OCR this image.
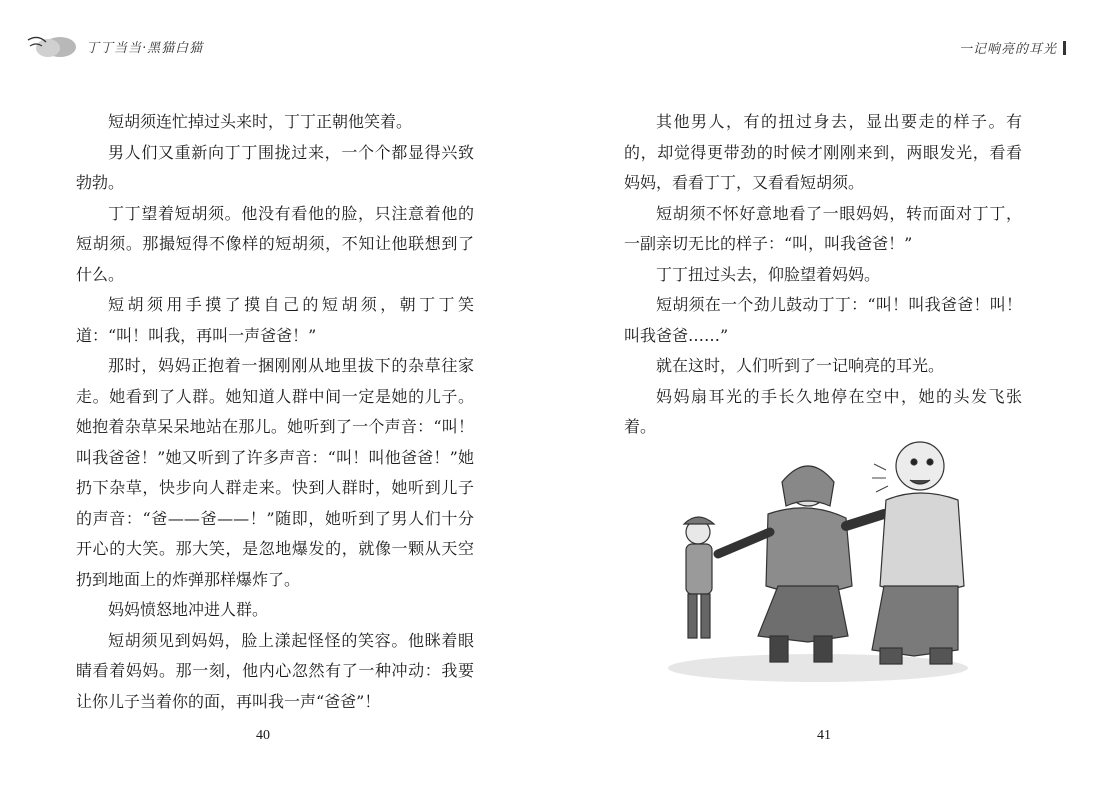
丁丁当当·黑猫白猫

短胡须连忙掉过头来时，丁丁正朝他笑着。

男人们又重新向丁丁围拢过来，一个个都显得兴致勃勃。

丁丁望着短胡须。他没有看他的脸，只注意着他的短胡须。那撮短得不像样的短胡须，不知让他联想到了什么。

短胡须用手摸了摸自己的短胡须，朝丁丁笑道：“叫！叫我，再叫一声爸爸！”

那时，妈妈正抱着一捆刚刚从地里拔下的杂草往家走。她看到了人群。她知道人群中间一定是她的儿子。她抱着杂草呆呆地站在那儿。她听到了一个声音：“叫！叫我爸爸！”她又听到了许多声音：“叫！叫他爸爸！”她扔下杂草，快步向人群走来。快到人群时，她听到儿子的声音：“爸——爸——！”随即，她听到了男人们十分开心的大笑。那大笑，是忽地爆发的，就像一颗从天空扔到地面上的炸弹那样爆炸了。

妈妈愤怒地冲进人群。

短胡须见到妈妈，脸上漾起怪怪的笑容。他眯着眼睛看着妈妈。那一刻，他内心忽然有了一种冲动：我要让你儿子当着你的面，再叫我一声“爸爸”！

40
一记响亮的耳光

其他男人，有的扭过身去，显出要走的样子。有的，却觉得更带劲的时候才刚刚来到，两眼发光，看看妈妈，看看丁丁，又看看短胡须。

短胡须不怀好意地看了一眼妈妈，转而面对丁丁，一副亲切无比的样子：“叫，叫我爸爸！”

丁丁扭过头去，仰脸望着妈妈。

短胡须在一个劲儿鼓动丁丁：“叫！叫我爸爸！叫！叫我爸爸……”

就在这时，人们听到了一记响亮的耳光。

妈妈扇耳光的手长久地停在空中，她的头发飞张着。

41
